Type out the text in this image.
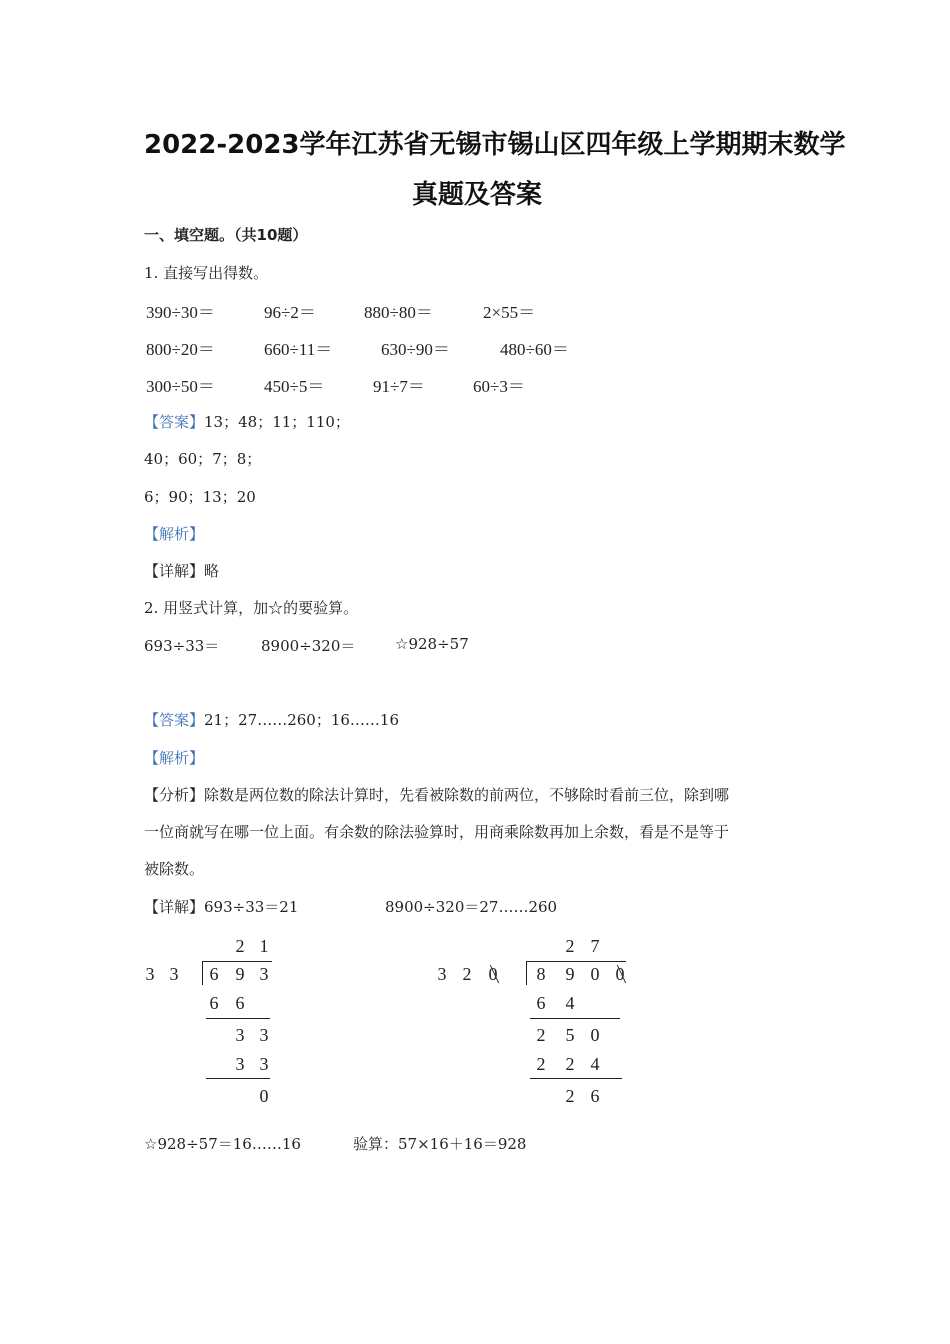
2022-2023学年江苏省无锡市锡山区四年级上学期期末数学
真题及答案
一、填空题。（共10题）
1. 直接写出得数。
390÷30＝	96÷2＝	880÷80＝	2×55＝
800÷20＝	660÷11＝	630÷90＝	480÷60＝
300÷50＝	450÷5＝	91÷7＝	60÷3＝
【答案】13；48；11；110；
40；60；7；8；
6；90；13；20
【解析】
【详解】略
2. 用竖式计算，加☆的要验算。
693÷33＝	8900÷320＝	☆928÷57
【答案】21；27……260；16……16
【解析】
【分析】除数是两位数的除法计算时，先看被除数的前两位，不够除时看前三位，除到哪
一位商就写在哪一位上面。有余数的除法验算时，用商乘除数再加上余数，看是不是等于
被除数。
【详解】693÷33＝21	8900÷320＝27……260
2 1
3 3 6 9 3
6 6
3 3
3 3
0
2 7
3 2 0 8 9 0 0
6 4
2 5 0
2 2 4
2 6
☆928÷57＝16……16	验算：57×16＋16＝928
